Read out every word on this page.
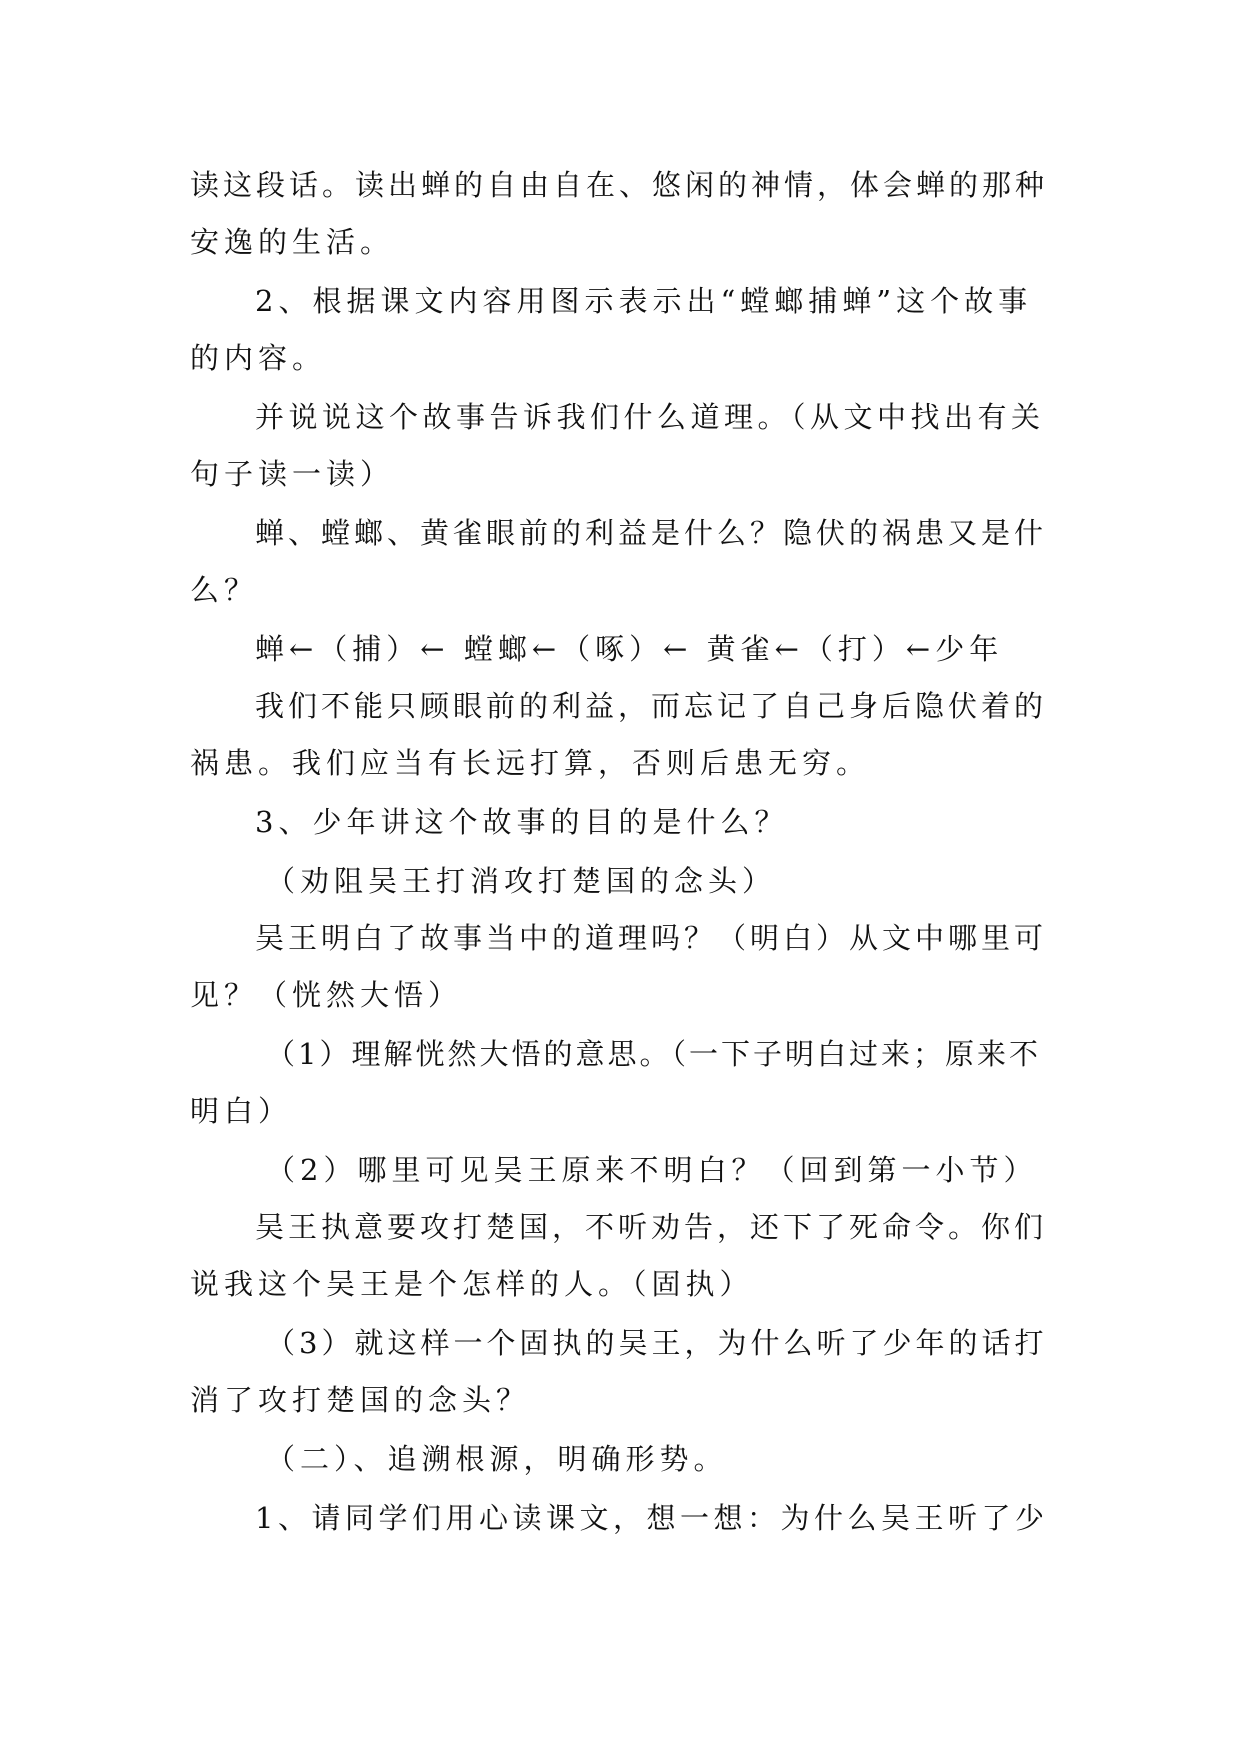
读这段话。读出蝉的自由自在、悠闲的神情，体会蝉的那种
安逸的生活。
2、根据课文内容用图示表示出“螳螂捕蝉”这个故事
的内容。
并说说这个故事告诉我们什么道理。（从文中找出有关
句子读一读）
蝉、螳螂、黄雀眼前的利益是什么？隐伏的祸患又是什
么？
蝉←（捕）← 螳螂←（啄）← 黄雀←（打）←少年
我们不能只顾眼前的利益，而忘记了自己身后隐伏着的
祸患。我们应当有长远打算，否则后患无穷。
3、少年讲这个故事的目的是什么？
（劝阻吴王打消攻打楚国的念头）
吴王明白了故事当中的道理吗？（明白）从文中哪里可
见？（恍然大悟）
（1）理解恍然大悟的意思。（一下子明白过来；原来不
明白）
（2）哪里可见吴王原来不明白？（回到第一小节）
吴王执意要攻打楚国，不听劝告，还下了死命令。你们
说我这个吴王是个怎样的人。（固执）
（3）就这样一个固执的吴王，为什么听了少年的话打
消了攻打楚国的念头？
（二）、追溯根源，明确形势。
1、请同学们用心读课文，想一想：为什么吴王听了少
